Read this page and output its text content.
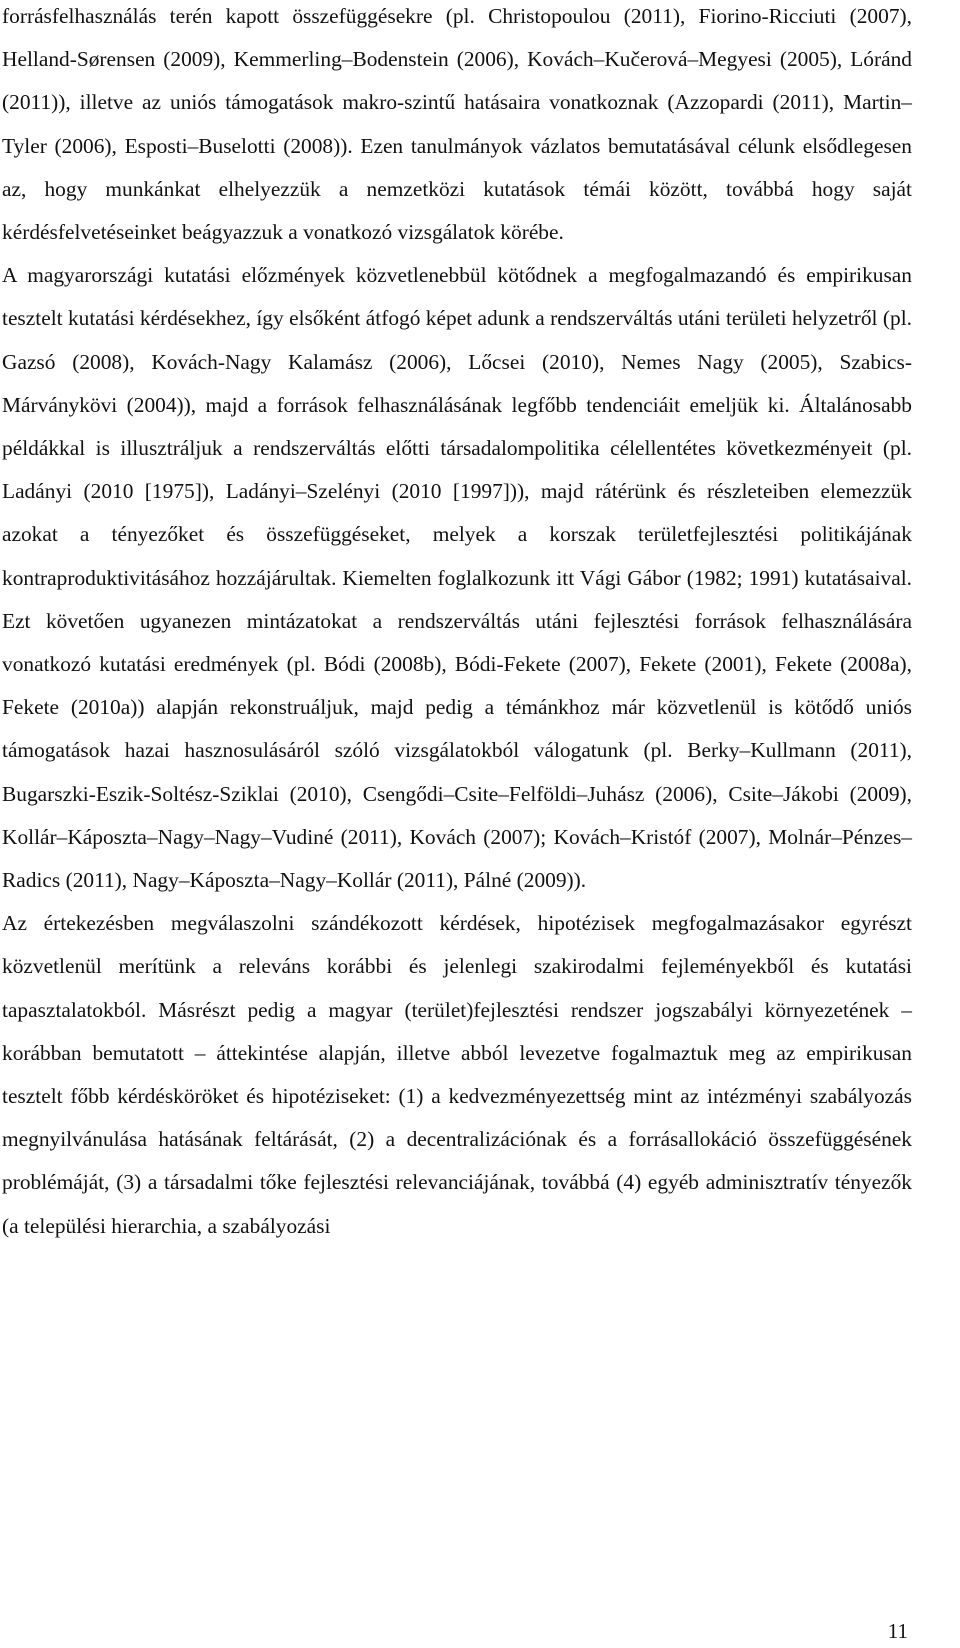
forrásfelhasználás terén kapott összefüggésekre (pl. Christopoulou (2011), Fiorino-Ricciuti (2007), Helland-Sørensen (2009), Kemmerling–Bodenstein (2006), Kovách–Kučerová–Megyesi (2005), Lóránd (2011)), illetve az uniós támogatások makro-szintű hatásaira vonatkoznak (Azzopardi (2011), Martin–Tyler (2006), Esposti–Buselotti (2008)). Ezen tanulmányok vázlatos bemutatásával célunk elsődlegesen az, hogy munkánkat elhelyezzük a nemzetközi kutatások témái között, továbbá hogy saját kérdésfelvetéseinket beágyazzuk a vonatkozó vizsgálatok körébe.

A magyarországi kutatási előzmények közvetlenebbül kötődnek a megfogalmazandó és empirikusan tesztelt kutatási kérdésekhez, így elsőként átfogó képet adunk a rendszerváltás utáni területi helyzetről (pl. Gazsó (2008), Kovách-Nagy Kalamász (2006), Lőcsei (2010), Nemes Nagy (2005), Szabics-Márványkövi (2004)), majd a források felhasználásának legfőbb tendenciáit emeljük ki. Általánosabb példákkal is illusztráljuk a rendszerváltás előtti társadalompolitika célellentétes következményeit (pl. Ladányi (2010 [1975]), Ladányi–Szelényi (2010 [1997])), majd rátérünk és részleteiben elemezzük azokat a tényezőket és összefüggéseket, melyek a korszak területfejlesztési politikájának kontraproduktivitásához hozzájárultak. Kiemelten foglalkozunk itt Vági Gábor (1982; 1991) kutatásaival. Ezt követően ugyanezen mintázatokat a rendszerváltás utáni fejlesztési források felhasználására vonatkozó kutatási eredmények (pl. Bódi (2008b), Bódi-Fekete (2007), Fekete (2001), Fekete (2008a), Fekete (2010a)) alapján rekonstruáljuk, majd pedig a témánkhoz már közvetlenül is kötődő uniós támogatások hazai hasznosulásáról szóló vizsgálatokból válogatunk (pl. Berky–Kullmann (2011), Bugarszki-Eszik-Soltész-Sziklai (2010), Csengődi–Csite–Felföldi–Juhász (2006), Csite–Jákobi (2009), Kollár–Káposzta–Nagy–Nagy–Vudiné (2011), Kovách (2007); Kovách–Kristóf (2007), Molnár–Pénzes–Radics (2011), Nagy–Káposzta–Nagy–Kollár (2011), Pálné (2009)).

Az értekezésben megválaszolni szándékozott kérdések, hipotézisek megfogalmazásakor egyrészt közvetlenül merítünk a releváns korábbi és jelenlegi szakirodalmi fejleményekből és kutatási tapasztalatokból. Másrészt pedig a magyar (terület)fejlesztési rendszer jogszabályi környezetének – korábban bemutatott – áttekintése alapján, illetve abból levezetve fogalmaztuk meg az empirikusan tesztelt főbb kérdésköröket és hipotéziseket: (1) a kedvezményezettség mint az intézményi szabályozás megnyilvánulása hatásának feltárását, (2) a decentralizációnak és a forrásallokáció összefüggésének problémáját, (3) a társadalmi tőke fejlesztési relevanciájának, továbbá (4) egyéb adminisztratív tényezők (a települési hierarchia, a szabályozási

11
